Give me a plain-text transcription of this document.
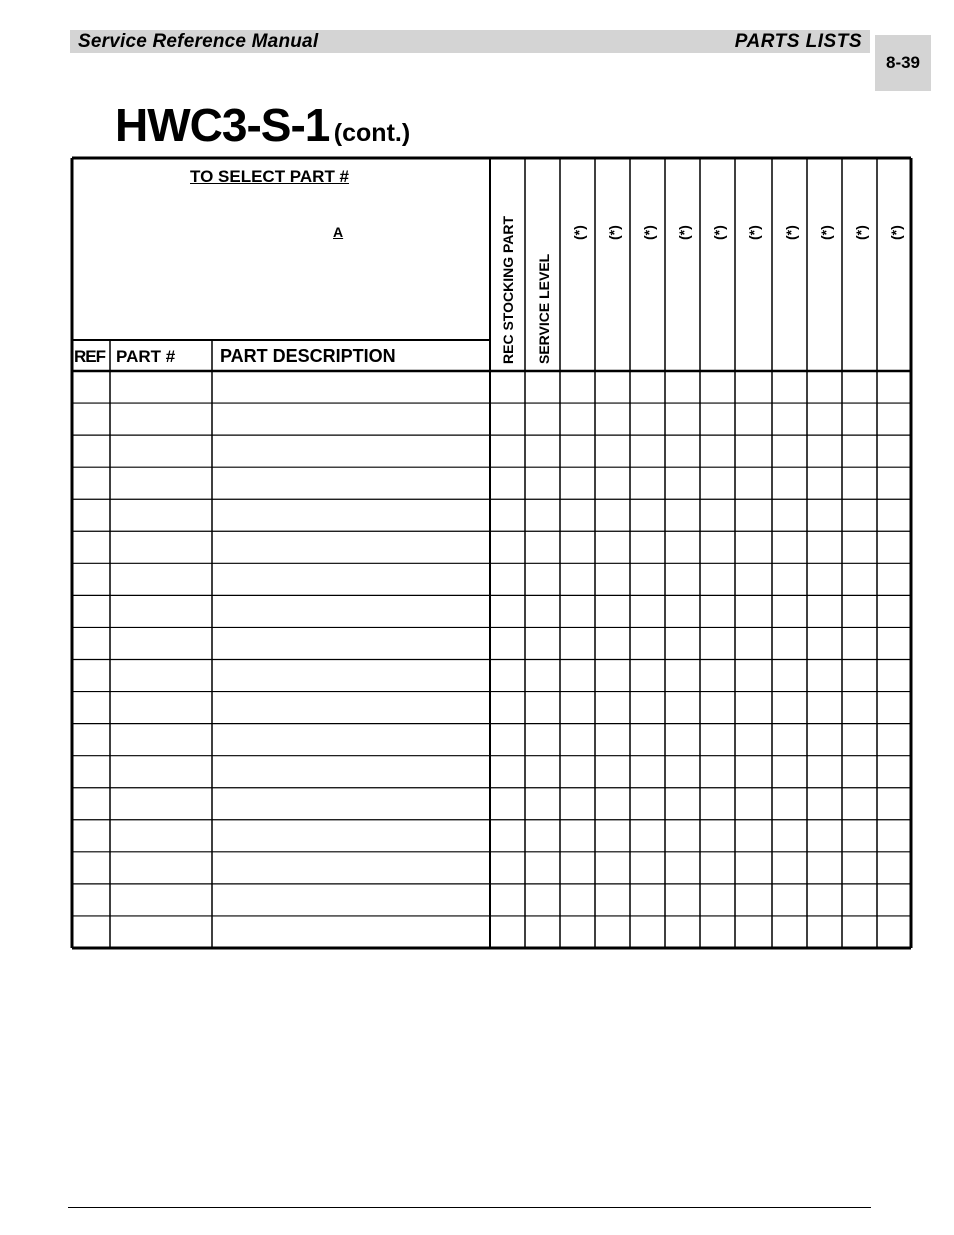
Service Reference Manual	PARTS LISTS
8-39
HWC3-S-1 (cont.)
TO SELECT PART #
A
REF PART # PART DESCRIPTION	REC STOCKING PART SERVICE LEVEL
(*) (*) (*) (*) (*) (*) (*) (*) (*) (*)
